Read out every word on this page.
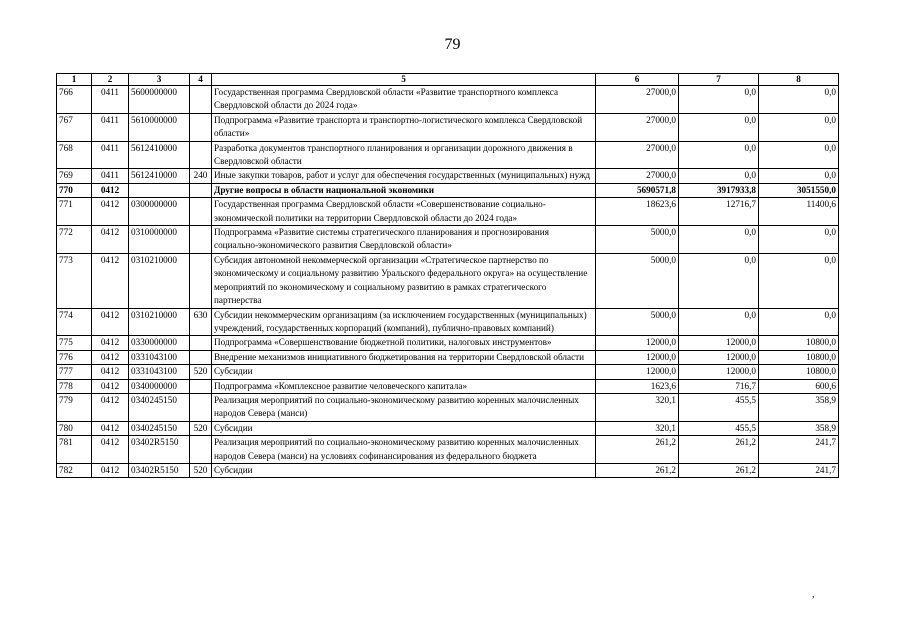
79
1	2	3	4	5	6	7	8
766	0411	5600000000		Государственная программа Свердловской области «Развитие транспортного комплекса Свердловской области до 2024 года»	27000,0	0,0	0,0
767	0411	5610000000		Подпрограмма «Развитие транспорта и транспортно-логистического комплекса Свердловской области»	27000,0	0,0	0,0
768	0411	5612410000		Разработка документов транспортного планирования и организации дорожного движения в Свердловской области	27000,0	0,0	0,0
769	0411	5612410000	240	Иные закупки товаров, работ и услуг для обеспечения государственных (муниципальных) нужд	27000,0	0,0	0,0
770	0412			Другие вопросы в области национальной экономики	5690571,8	3917933,8	3051550,0
771	0412	0300000000		Государственная программа Свердловской области «Совершенствование социально-экономической политики на территории Свердловской области до 2024 года»	18623,6	12716,7	11400,6
772	0412	0310000000		Подпрограмма «Развитие системы стратегического планирования и прогнозирования социально-экономического развития Свердловской области»	5000,0	0,0	0,0
773	0412	0310210000		Субсидия автономной некоммерческой организации «Стратегическое партнерство по экономическому и социальному развитию Уральского федерального округа» на осуществление мероприятий по экономическому и социальному развитию в рамках стратегического партнерства	5000,0	0,0	0,0
774	0412	0310210000	630	Субсидии некоммерческим организациям (за исключением государственных (муниципальных) учреждений, государственных корпораций (компаний), публично-правовых компаний)	5000,0	0,0	0,0
775	0412	0330000000		Подпрограмма «Совершенствование бюджетной политики, налоговых инструментов»	12000,0	12000,0	10800,0
776	0412	0331043100		Внедрение механизмов инициативного бюджетирования на территории Свердловской области	12000,0	12000,0	10800,0
777	0412	0331043100	520	Субсидии	12000,0	12000,0	10800,0
778	0412	0340000000		Подпрограмма «Комплексное развитие человеческого капитала»	1623,6	716,7	600,6
779	0412	0340245150		Реализация мероприятий по социально-экономическому развитию коренных малочисленных народов Севера (манси)	320,1	455,5	358,9
780	0412	0340245150	520	Субсидии	320,1	455,5	358,9
781	0412	03402R5150		Реализация мероприятий по социально-экономическому развитию коренных малочисленных народов Севера (манси) на условиях софинансирования из федерального бюджета	261,2	261,2	241,7
782	0412	03402R5150	520	Субсидии	261,2	261,2	241,7
,
